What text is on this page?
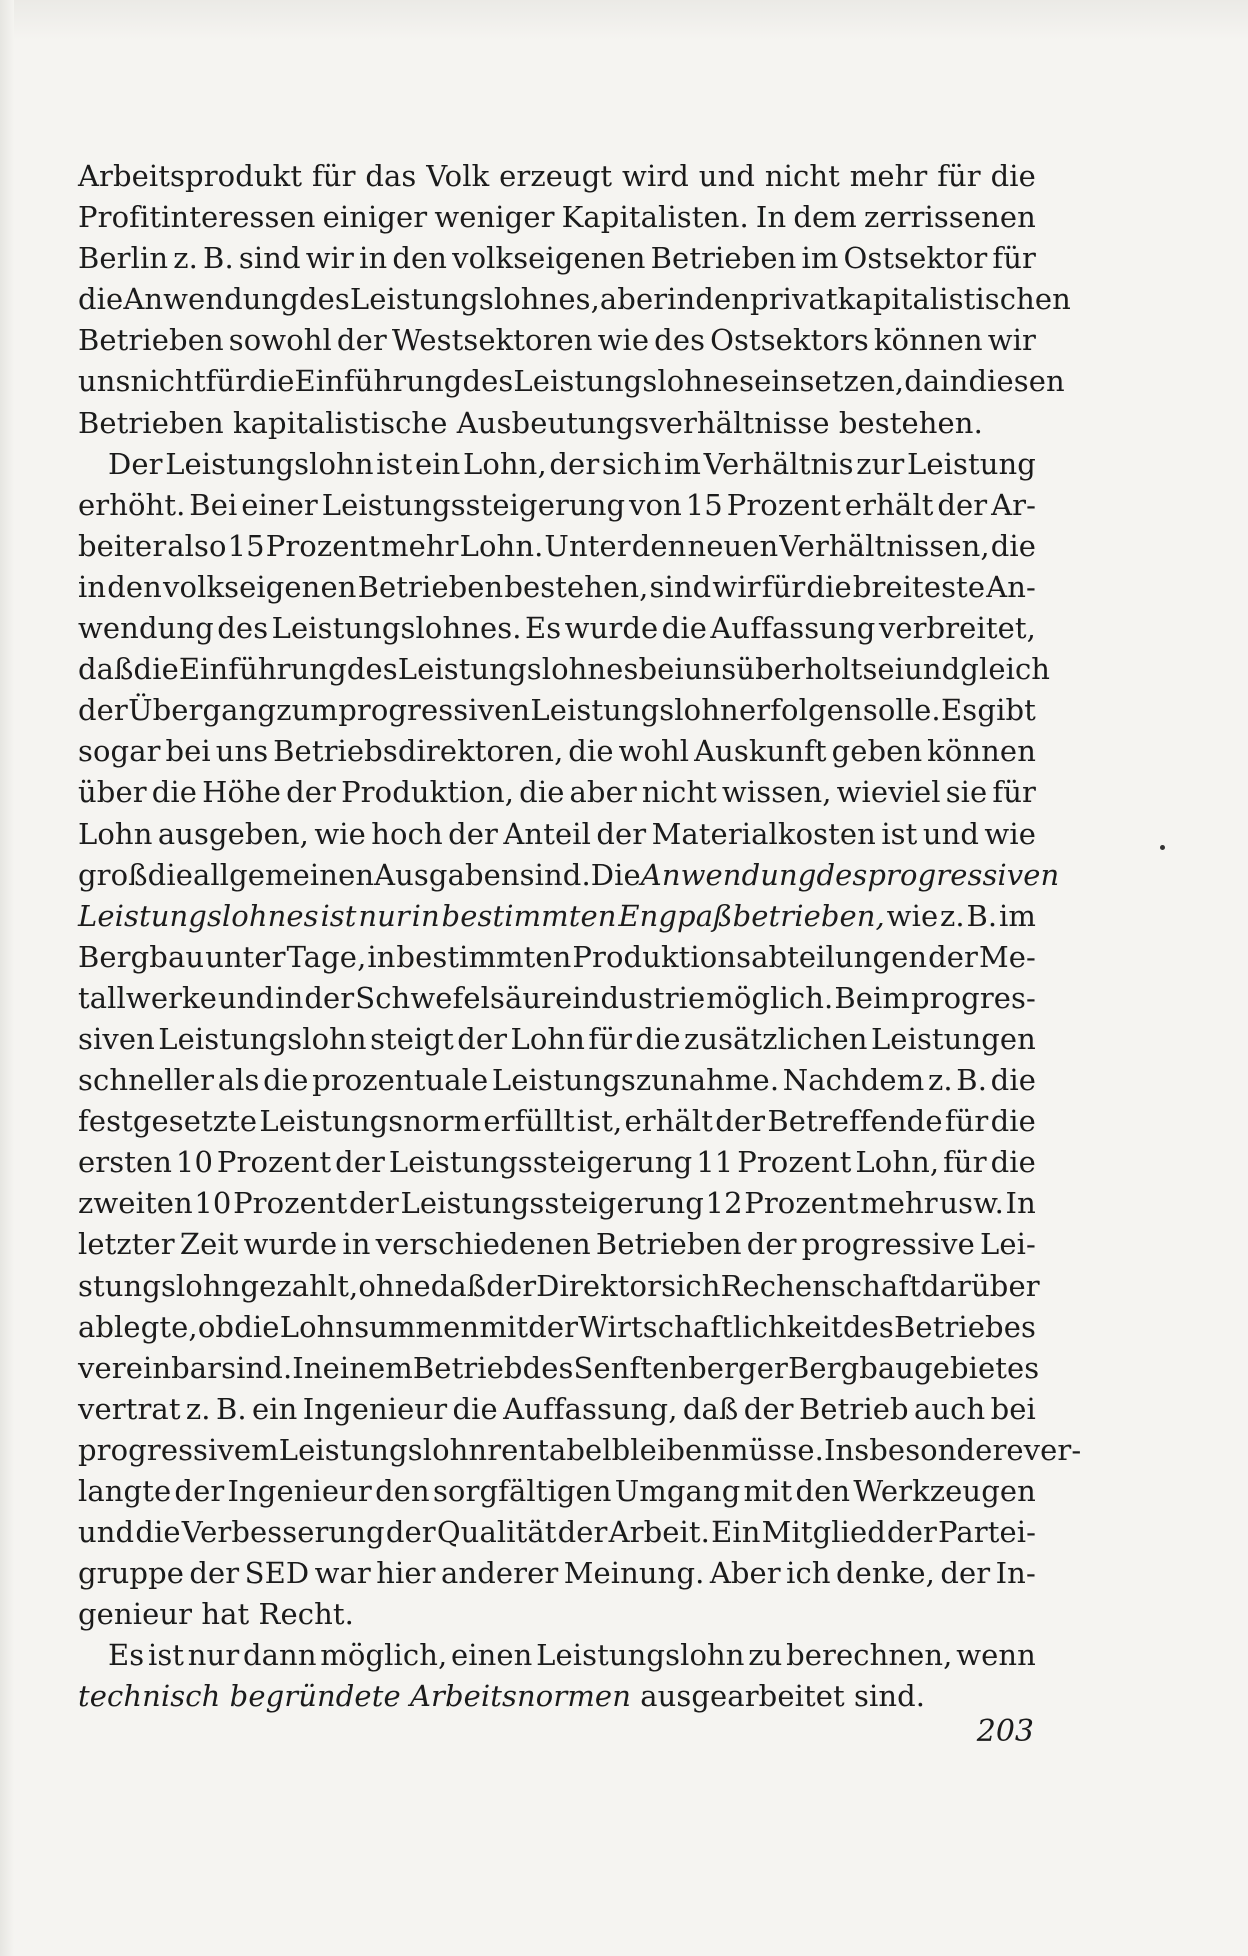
Arbeitsprodukt für das Volk erzeugt wird und nicht mehr für die
Profitinteressen einiger weniger Kapitalisten. In dem zerrissenen
Berlin z. B. sind wir in den volkseigenen Betrieben im Ostsektor für
die Anwendung des Leistungslohnes, aber in den privatkapitalistischen
Betrieben sowohl der Westsektoren wie des Ostsektors können wir
uns nicht für die Einführung des Leistungslohnes einsetzen, da in diesen
Betrieben kapitalistische Ausbeutungsverhältnisse bestehen.
Der Leistungslohn ist ein Lohn, der sich im Verhältnis zur Leistung
erhöht. Bei einer Leistungssteigerung von 15 Prozent erhält der Ar-
beiter also 15 Prozent mehr Lohn. Unter den neuen Verhältnissen, die
in den volkseigenen Betrieben bestehen, sind wir für die breiteste An-
wendung des Leistungslohnes. Es wurde die Auffassung verbreitet,
daß die Einführung des Leistungslohnes bei uns überholt sei und gleich
der Übergang zum progressiven Leistungslohn erfolgen solle. Es gibt
sogar bei uns Betriebsdirektoren, die wohl Auskunft geben können
über die Höhe der Produktion, die aber nicht wissen, wieviel sie für
Lohn ausgeben, wie hoch der Anteil der Materialkosten ist und wie
groß die allgemeinen Ausgaben sind. Die Anwendung des progressiven
Leistungslohnes ist nur in bestimmten Engpaßbetrieben, wie z. B. im
Bergbau unter Tage, in bestimmten Produktionsabteilungen der Me-
tallwerke und in der Schwefelsäureindustrie möglich. Beim progres-
siven Leistungslohn steigt der Lohn für die zusätzlichen Leistungen
schneller als die prozentuale Leistungszunahme. Nachdem z. B. die
festgesetzte Leistungsnorm erfüllt ist, erhält der Betreffende für die
ersten 10 Prozent der Leistungssteigerung 11 Prozent Lohn, für die
zweiten 10 Prozent der Leistungssteigerung 12 Prozent mehr usw. In
letzter Zeit wurde in verschiedenen Betrieben der progressive Lei-
stungslohn gezahlt, ohne daß der Direktor sich Rechenschaft darüber
ablegte, ob die Lohnsummen mit der Wirtschaftlichkeit des Betriebes
vereinbar sind. In einem Betrieb des Senftenberger Bergbaugebietes
vertrat z. B. ein Ingenieur die Auffassung, daß der Betrieb auch bei
progressivem Leistungslohn rentabel bleiben müsse. Insbesondere ver-
langte der Ingenieur den sorgfältigen Umgang mit den Werkzeugen
und die Verbesserung der Qualität der Arbeit. Ein Mitglied der Partei-
gruppe der SED war hier anderer Meinung. Aber ich denke, der In-
genieur hat Recht.
Es ist nur dann möglich, einen Leistungslohn zu berechnen, wenn
technisch begründete Arbeitsnormen ausgearbeitet sind.
203
